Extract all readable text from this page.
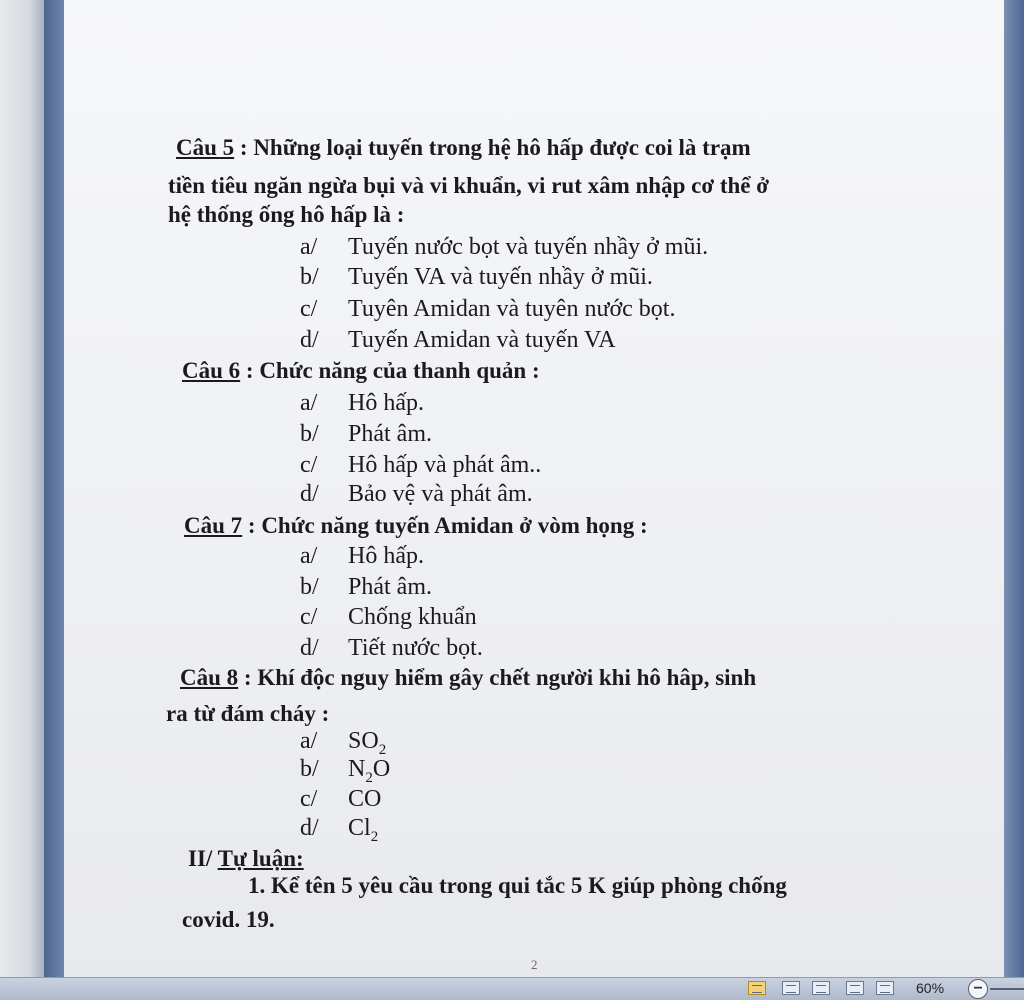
Câu 5 : Những loại tuyến trong hệ hô hấp được coi là trạm

tiền tiêu ngăn ngừa bụi và vi khuẩn, vi rut xâm nhập cơ thể ở

hệ thống ống hô hấp là :

a/ Tuyến nước bọt và tuyến nhầy ở mũi.
b/ Tuyến VA và tuyến nhầy ở mũi.
c/ Tuyên Amidan và tuyên nước bọt.
d/ Tuyến Amidan và tuyến VA

Câu 6 : Chức năng của thanh quản :

a/ Hô hấp.
b/ Phát âm.
c/ Hô hấp và phát âm..
d/ Bảo vệ và phát âm.

Câu 7 : Chức năng tuyến Amidan ở vòm họng :

a/ Hô hấp.
b/ Phát âm.
c/ Chống khuẩn
d/ Tiết nước bọt.

Câu 8 : Khí độc nguy hiểm gây chết người khi hô hâp, sinh

ra từ đám cháy :

a/ $SO_2$
b/ $N_2O$
c/ CO
d/ $Cl_2$

II/ Tự luận:

1. Kể tên 5 yêu cầu trong qui tắc 5 K giúp phòng chống

covid. 19.

2
60%	−
